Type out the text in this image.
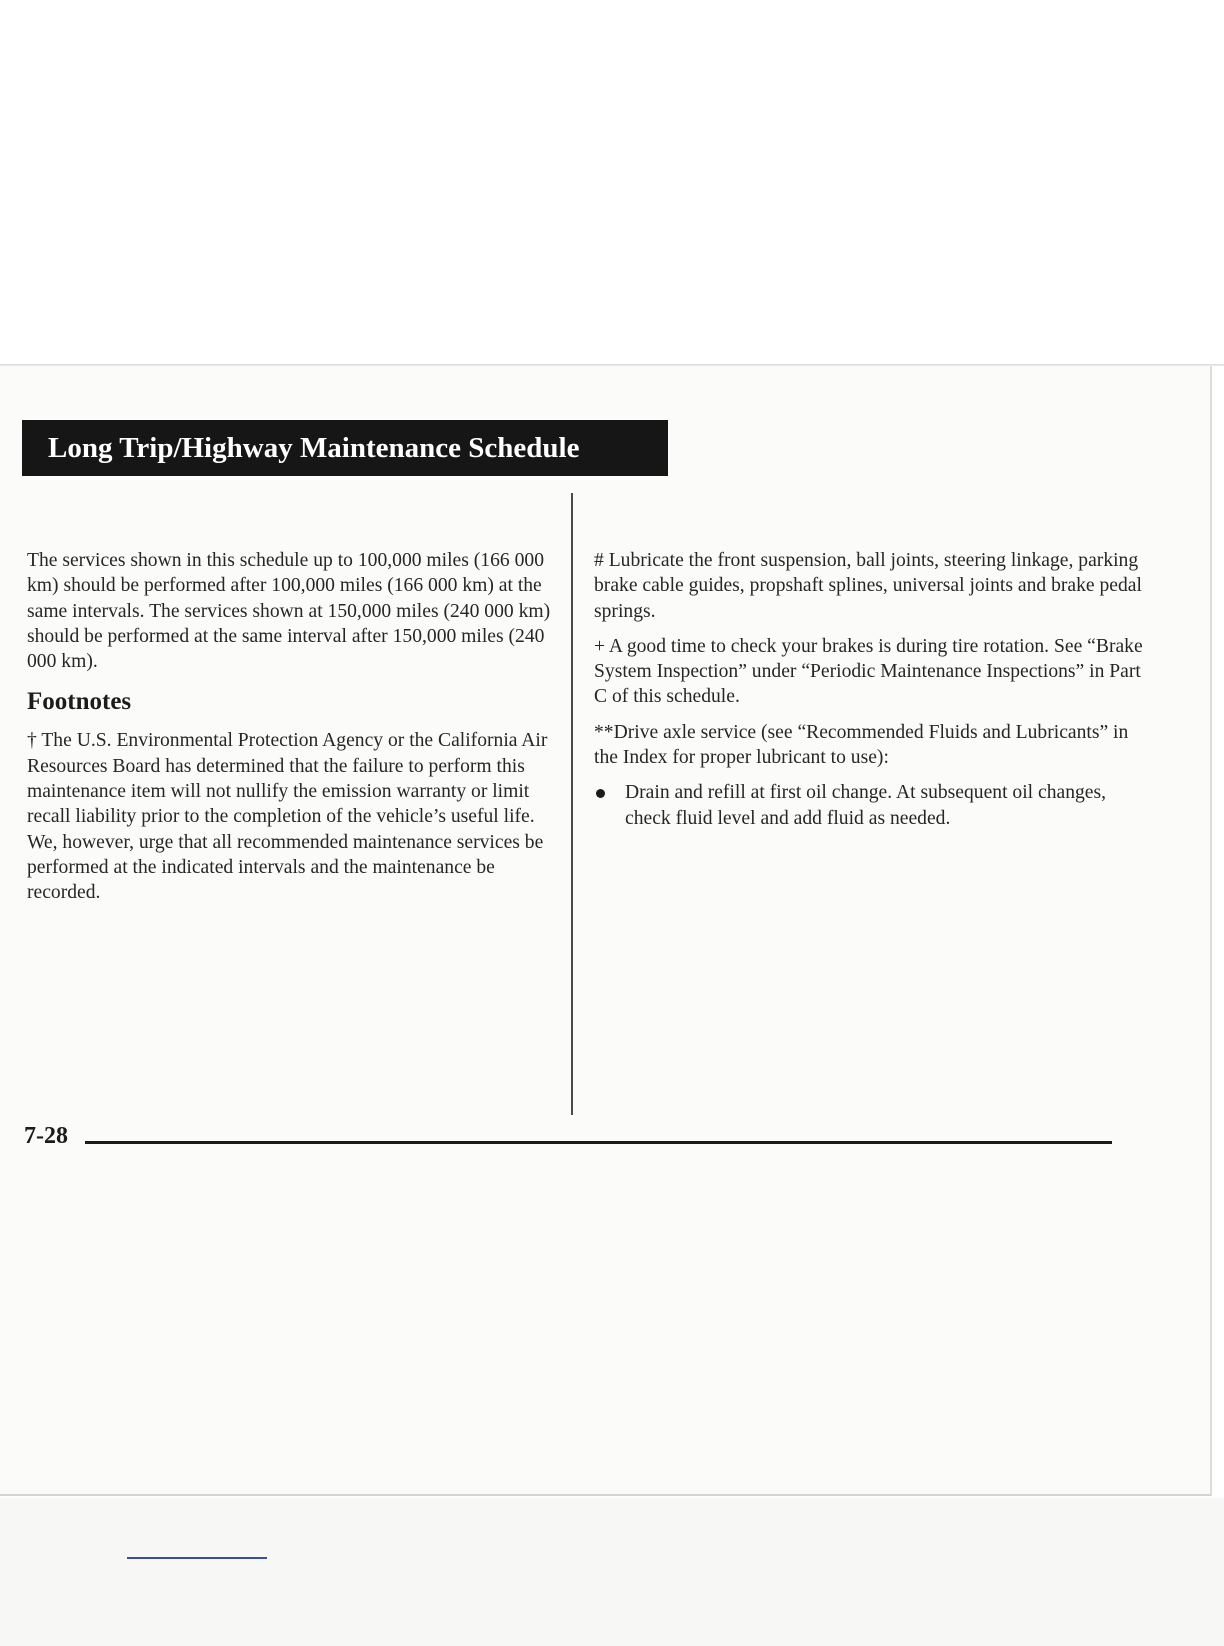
Long Trip/Highway Maintenance Schedule

The services shown in this schedule up to 100,000 miles (166 000 km) should be performed after 100,000 miles (166 000 km) at the same intervals. The services shown at 150,000 miles (240 000 km) should be performed at the same interval after 150,000 miles (240 000 km).

Footnotes

† The U.S. Environmental Protection Agency or the California Air Resources Board has determined that the failure to perform this maintenance item will not nullify the emission warranty or limit recall liability prior to the completion of the vehicle’s useful life. We, however, urge that all recommended maintenance services be performed at the indicated intervals and the maintenance be recorded.

# Lubricate the front suspension, ball joints, steering linkage, parking brake cable guides, propshaft splines, universal joints and brake pedal springs.

+ A good time to check your brakes is during tire rotation. See “Brake System Inspection” under “Periodic Maintenance Inspections” in Part C of this schedule.

**Drive axle service (see “Recommended Fluids and Lubricants” in the Index for proper lubricant to use):

Drain and refill at first oil change. At subsequent oil changes, check fluid level and add fluid as needed.
7-28
